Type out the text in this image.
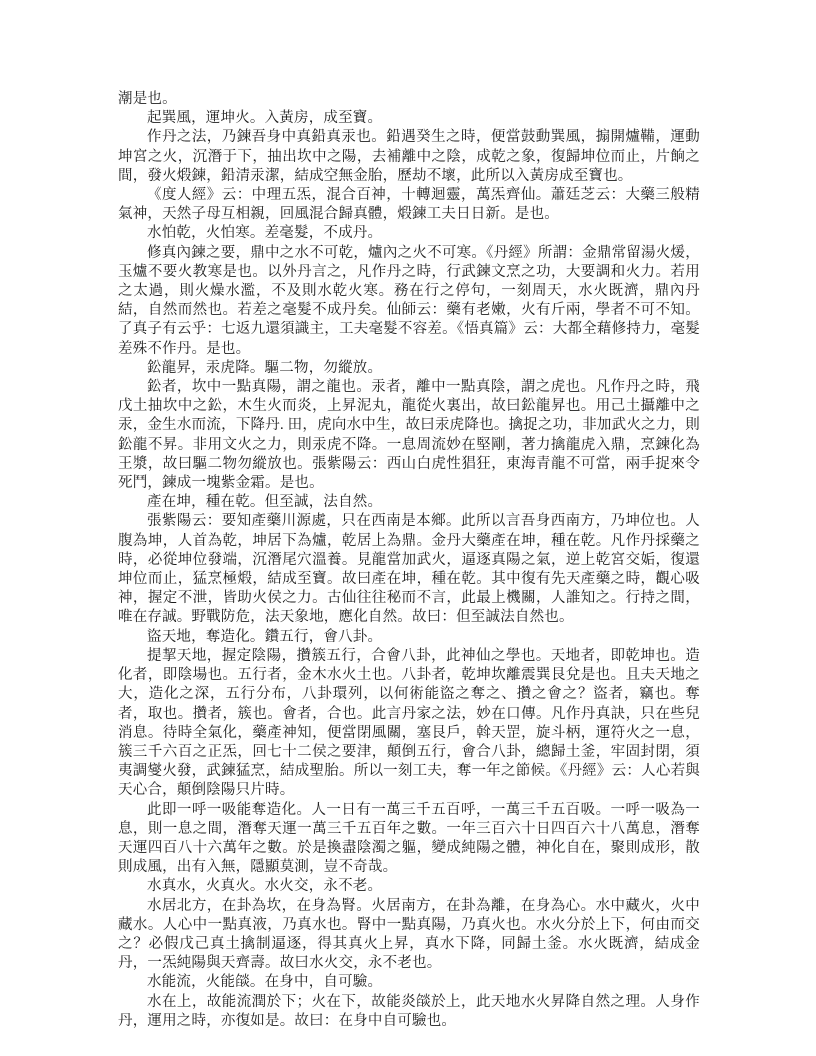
潮是也。

起巽風，運坤火。入黃房，成至寶。

作丹之法，乃鍊吾身中真鉛真汞也。鉛遇癸生之時，便當鼓動巽風，搧開爐鞴，運動坤宮之火，沉潛于下，抽出坎中之陽，去補離中之陰，成乾之象，復歸坤位而止，片餉之間，發火煅鍊，鉛清汞潔，結成空無金胎，歷劫不壞，此所以入黃房成至寶也。

《度人經》云：中理五炁，混合百神，十轉迴靈，萬炁齊仙。蕭廷芝云：大藥三般精氣神，天然子母互相親，回風混合歸真體，煅鍊工夫日日新。是也。

水怕乾，火怕寒。差毫髮，不成丹。

修真內鍊之要，鼎中之水不可乾，爐內之火不可寒。《丹經》所謂：金鼎常留湯火煖，玉爐不要火教寒是也。以外丹言之，凡作丹之時，行武鍊文烹之功，大要調和火力。若用之太過，則火燥水濫，不及則水乾火寒。務在行之停句，一刻周天，水火既濟，鼎內丹結，自然而然也。若差之毫髮不成丹矣。仙師云：藥有老嫩，火有斤兩，學者不可不知。了真子有云乎：七返九還須識主，工夫毫髮不容差。《悟真篇》云：大都全藉修持力，毫髮差殊不作丹。是也。

鈆龍昇，汞虎降。驅二物，勿縱放。

鈆者，坎中一點真陽，謂之龍也。汞者，離中一點真陰，謂之虎也。凡作丹之時，飛戊土抽坎中之鈆，木生火而炎，上昇泥丸，龍從火裏出，故曰鈆龍昇也。用己土攝離中之汞，金生水而流，下降丹. 田，虎向水中生，故曰汞虎降也。擒捉之功，非加武火之力，則鈆龍不昇。非用文火之力，則汞虎不降。一息周流妙在堅剛，著力擒龍虎入鼎，烹鍊化為王漿，故曰驅二物勿縱放也。張紫陽云：西山白虎性猖狂，東海青龍不可當，兩手捉來令死鬥，鍊成一塊紫金霜。是也。

產在坤，種在乾。但至誠，法自然。

張紫陽云：要知產藥川源處，只在西南是本鄉。此所以言吾身西南方，乃坤位也。人腹為坤，人首為乾，坤居下為爐，乾居上為鼎。金丹大藥產在坤，種在乾。凡作丹採藥之時，必從坤位發端，沉潛尾穴溫養。見龍當加武火，逼逐真陽之氣，逆上乾宮交姤，復還坤位而止，猛烹極煅，結成至寶。故曰產在坤，種在乾。其中復有先天產藥之時，觀心吸神，握定不泄，皆助火侯之力。古仙往往秘而不言，此最上機關，人誰知之。行持之間，唯在存誠。野戰防危，法天象地，應化自然。故曰：但至誠法自然也。

盜天地，奪造化。鑽五行，會八卦。

提挈天地，握定陰陽，攢簇五行，合會八卦，此神仙之學也。天地者，即乾坤也。造化者，即陰場也。五行者，金木水火土也。八卦者，乾坤坎離震巽艮兌是也。且夫天地之大，造化之深，五行分布，八卦環列，以何術能盜之奪之、攢之會之？盜者，竊也。奪者，取也。攢者，簇也。會者，合也。此言丹家之法，妙在口傳。凡作丹真訣，只在些兒消息。待時全氣化，藥產神知，便當閉風關，塞艮戶，斡天罡，旋斗柄，運符火之一息，簇三千六百之正炁，回七十二侯之要津，顛倒五行，會合八卦，總歸土釜，牢固封閉，須夷調燮火發，武鍊猛烹，結成聖胎。所以一刻工夫，奪一年之節候。《丹經》云：人心若與天心合，顛倒陰陽只片時。

此即一呼一吸能奪造化。人一日有一萬三千五百呼，一萬三千五百吸。一呼一吸為一息，則一息之間，潛奪天運一萬三千五百年之數。一年三百六十日四百六十八萬息，潛奪天運四百八十六萬年之數。於是換盡陰濁之軀，變成純陽之體，神化自在，聚則成形，散則成風，出有入無，隱顯莫測，豈不奇哉。

水真水，火真火。水火交，永不老。

水居北方，在卦為坎，在身為腎。火居南方，在卦為離，在身為心。水中藏火，火中藏水。人心中一點真液，乃真水也。腎中一點真陽，乃真火也。水火分於上下，何由而交之？必假戊己真土擒制逼逐，得其真火上昇，真水下降，同歸土釜。水火既濟，結成金丹，一炁純陽與天齊壽。故曰水火交，永不老也。

水能流，火能燄。在身中，自可驗。

水在上，故能流潤於下；火在下，故能炎燄於上，此天地水火昇降自然之理。人身作丹，運用之時，亦復如是。故曰：在身中自可驗也。
